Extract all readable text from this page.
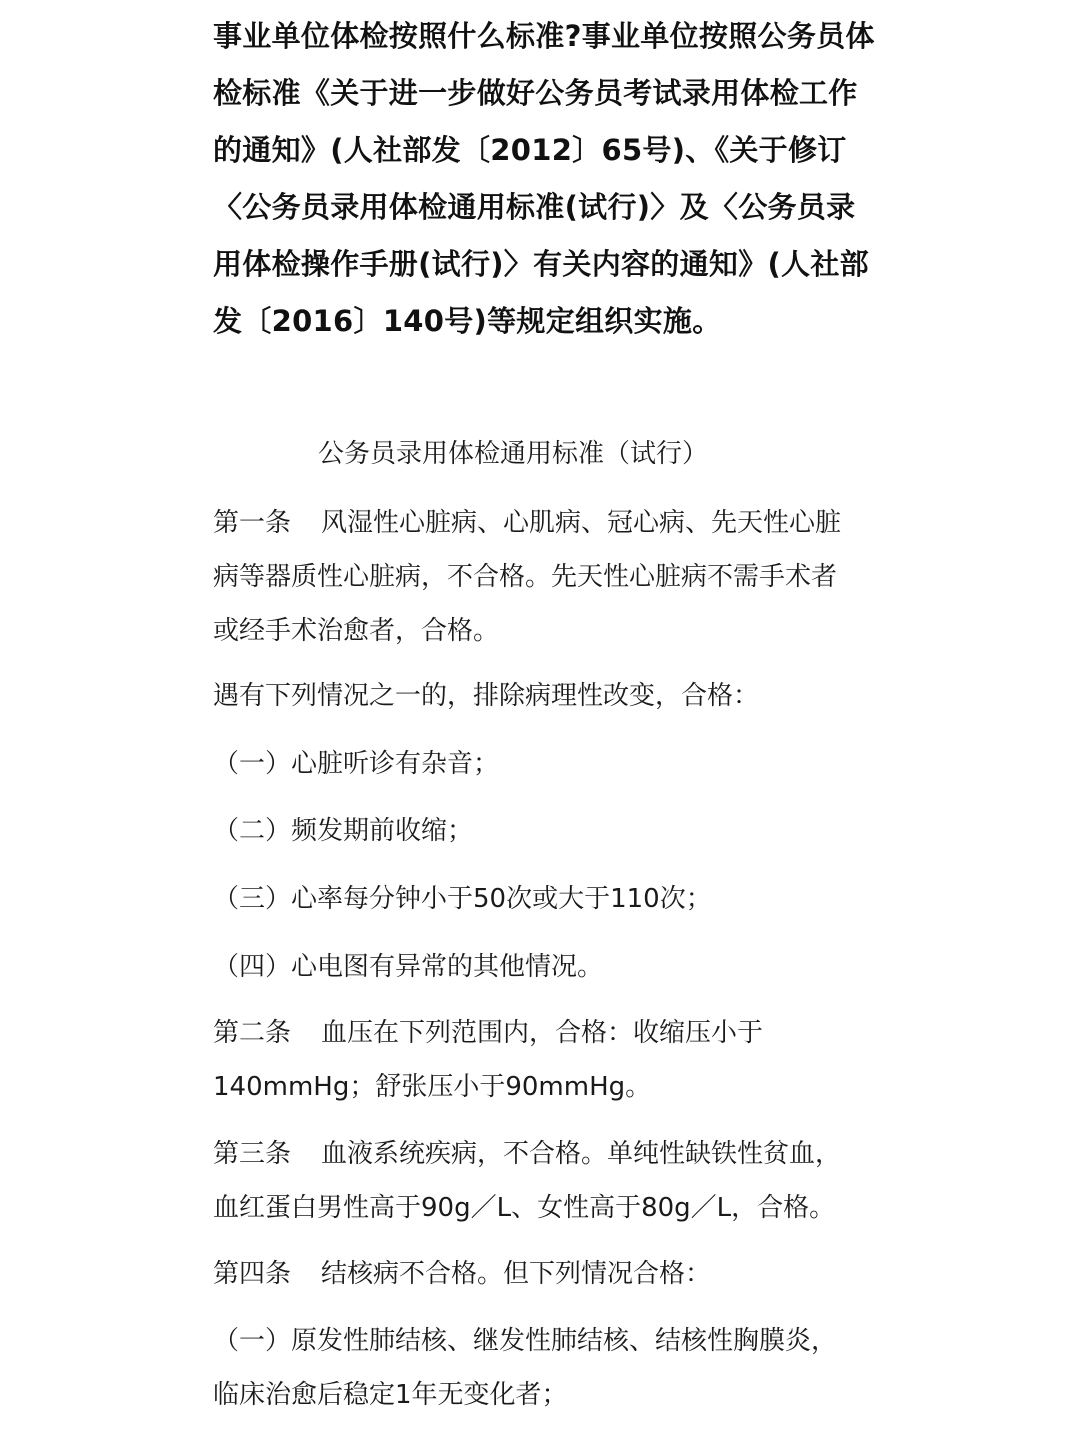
事业单位体检按照什么标准?事业单位按照公务员体

检标准《关于进一步做好公务员考试录用体检工作

的通知》(人社部发〔2012〕65号)、《关于修订

〈公务员录用体检通用标准(试行)〉及〈公务员录

用体检操作手册(试行)〉有关内容的通知》(人社部

发〔2016〕140号)等规定组织实施。

公务员录用体检通用标准（试行）

第一条 风湿性心脏病、心肌病、冠心病、先天性心脏

病等器质性心脏病，不合格。先天性心脏病不需手术者

或经手术治愈者，合格。

遇有下列情况之一的，排除病理性改变，合格：
（一）心脏听诊有杂音；
（二）频发期前收缩；
（三）心率每分钟小于50次或大于110次；
（四）心电图有异常的其他情况。

第二条 血压在下列范围内，合格：收缩压小于

140mmHg；舒张压小于90mmHg。

第三条 血液系统疾病，不合格。单纯性缺铁性贫血，

血红蛋白男性高于90g／L、女性高于80g／L，合格。

第四条 结核病不合格。但下列情况合格：

（一）原发性肺结核、继发性肺结核、结核性胸膜炎，

临床治愈后稳定1年无变化者；
